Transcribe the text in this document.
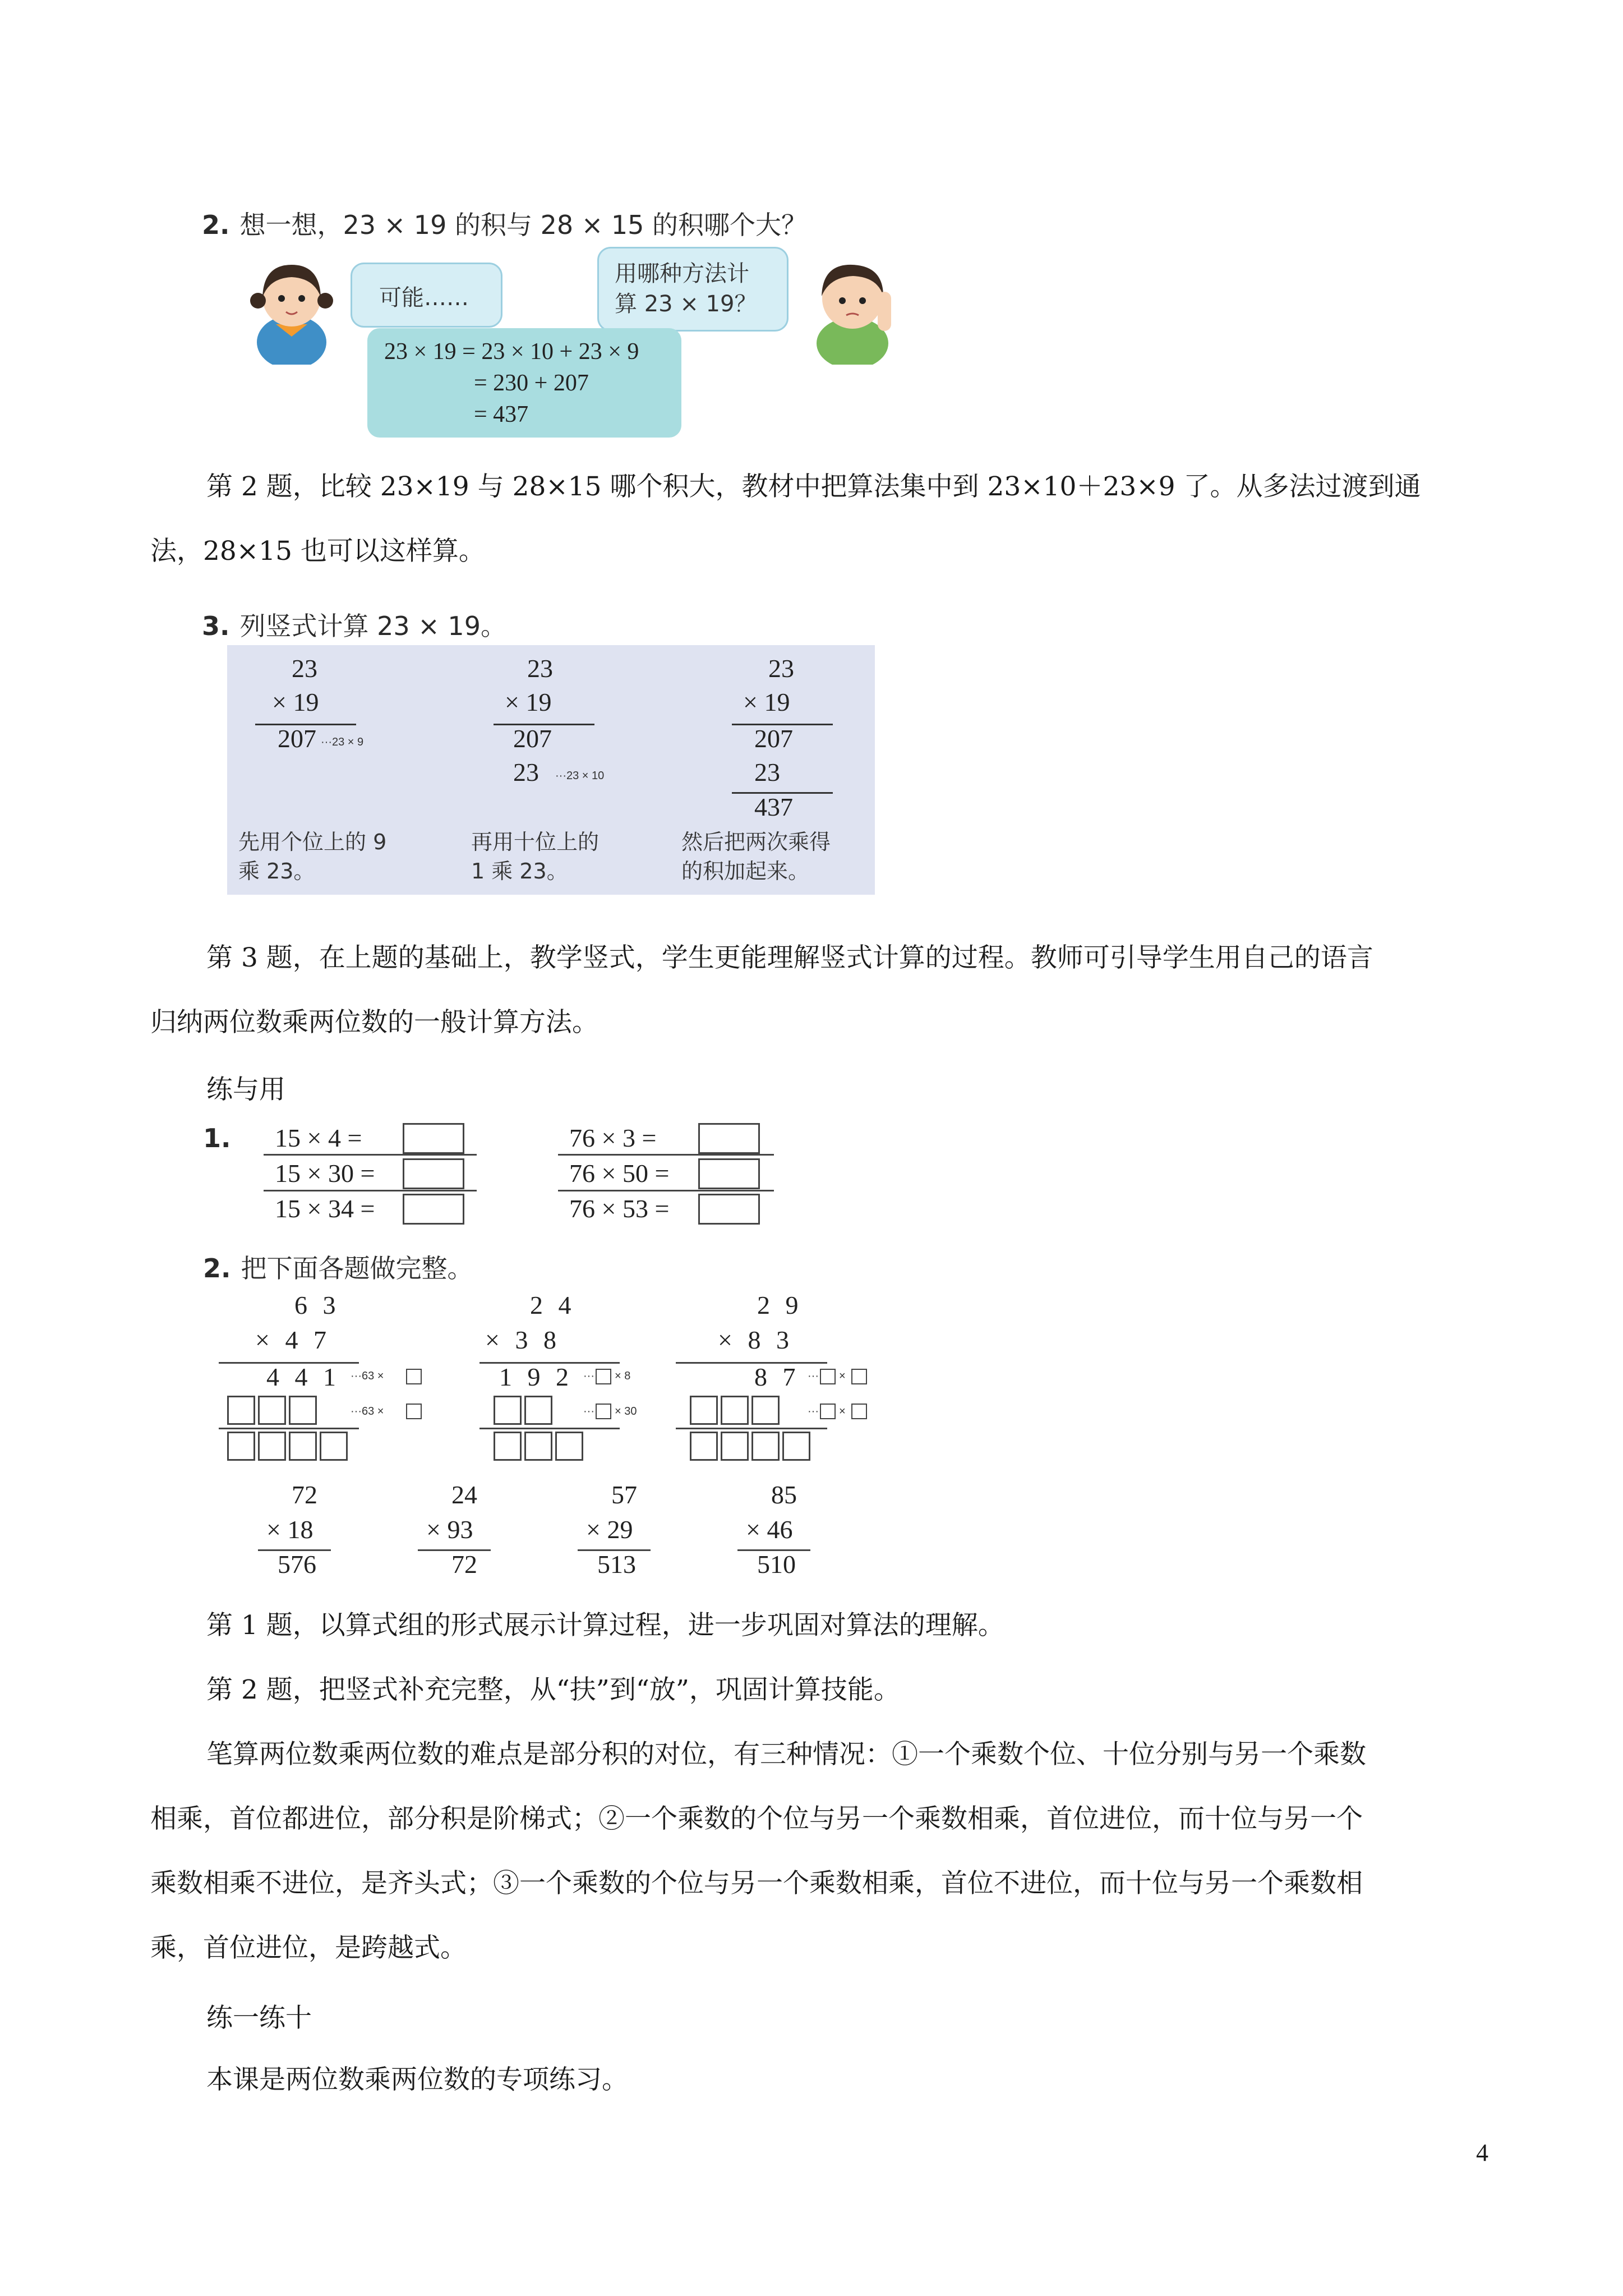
2. 想一想，23 × 19 的积与 28 × 15 的积哪个大？
可能……
用哪种方法计
算 23 × 19？
23 × 19 = 23 × 10 + 23 × 9
= 230 + 207
= 437
第 2 题，比较 23×19 与 28×15 哪个积大，教材中把算法集中到 23×10＋23×9 了。从多法过渡到通
法，28×15 也可以这样算。
3. 列竖式计算 23 × 19。
23
× 19
207 ···23 × 9
先用个位上的 9
乘 23。
23
× 19
207
23 ···23 × 10
再用十位上的
1 乘 23。
23
× 19
207
23
437
然后把两次乘得
的积加起来。
第 3 题，在上题的基础上，教学竖式，学生更能理解竖式计算的过程。教师可引导学生用自己的语言
归纳两位数乘两位数的一般计算方法。
练与用
1.	15 × 4 =
15 × 30 =
15 × 34 =
76 × 3 =
76 × 50 =
76 × 53 =
2. 把下面各题做完整。
6 3
× 4 7
4 4 1 ···63 ×
···63 ×
2 4
× 3 8
1 9 2 ··· × 8
··· × 30
2 9
× 8 3
8 7 ··· ×
··· ×
72
× 18
576
24
× 93
72
57
× 29
513
85
× 46
510
第 1 题，以算式组的形式展示计算过程，进一步巩固对算法的理解。
第 2 题，把竖式补充完整，从“扶”到“放”，巩固计算技能。
笔算两位数乘两位数的难点是部分积的对位，有三种情况：①一个乘数个位、十位分别与另一个乘数
相乘，首位都进位，部分积是阶梯式；②一个乘数的个位与另一个乘数相乘，首位进位，而十位与另一个
乘数相乘不进位，是齐头式；③一个乘数的个位与另一个乘数相乘，首位不进位，而十位与另一个乘数相
乘，首位进位，是跨越式。
练一练十
本课是两位数乘两位数的专项练习。
4
